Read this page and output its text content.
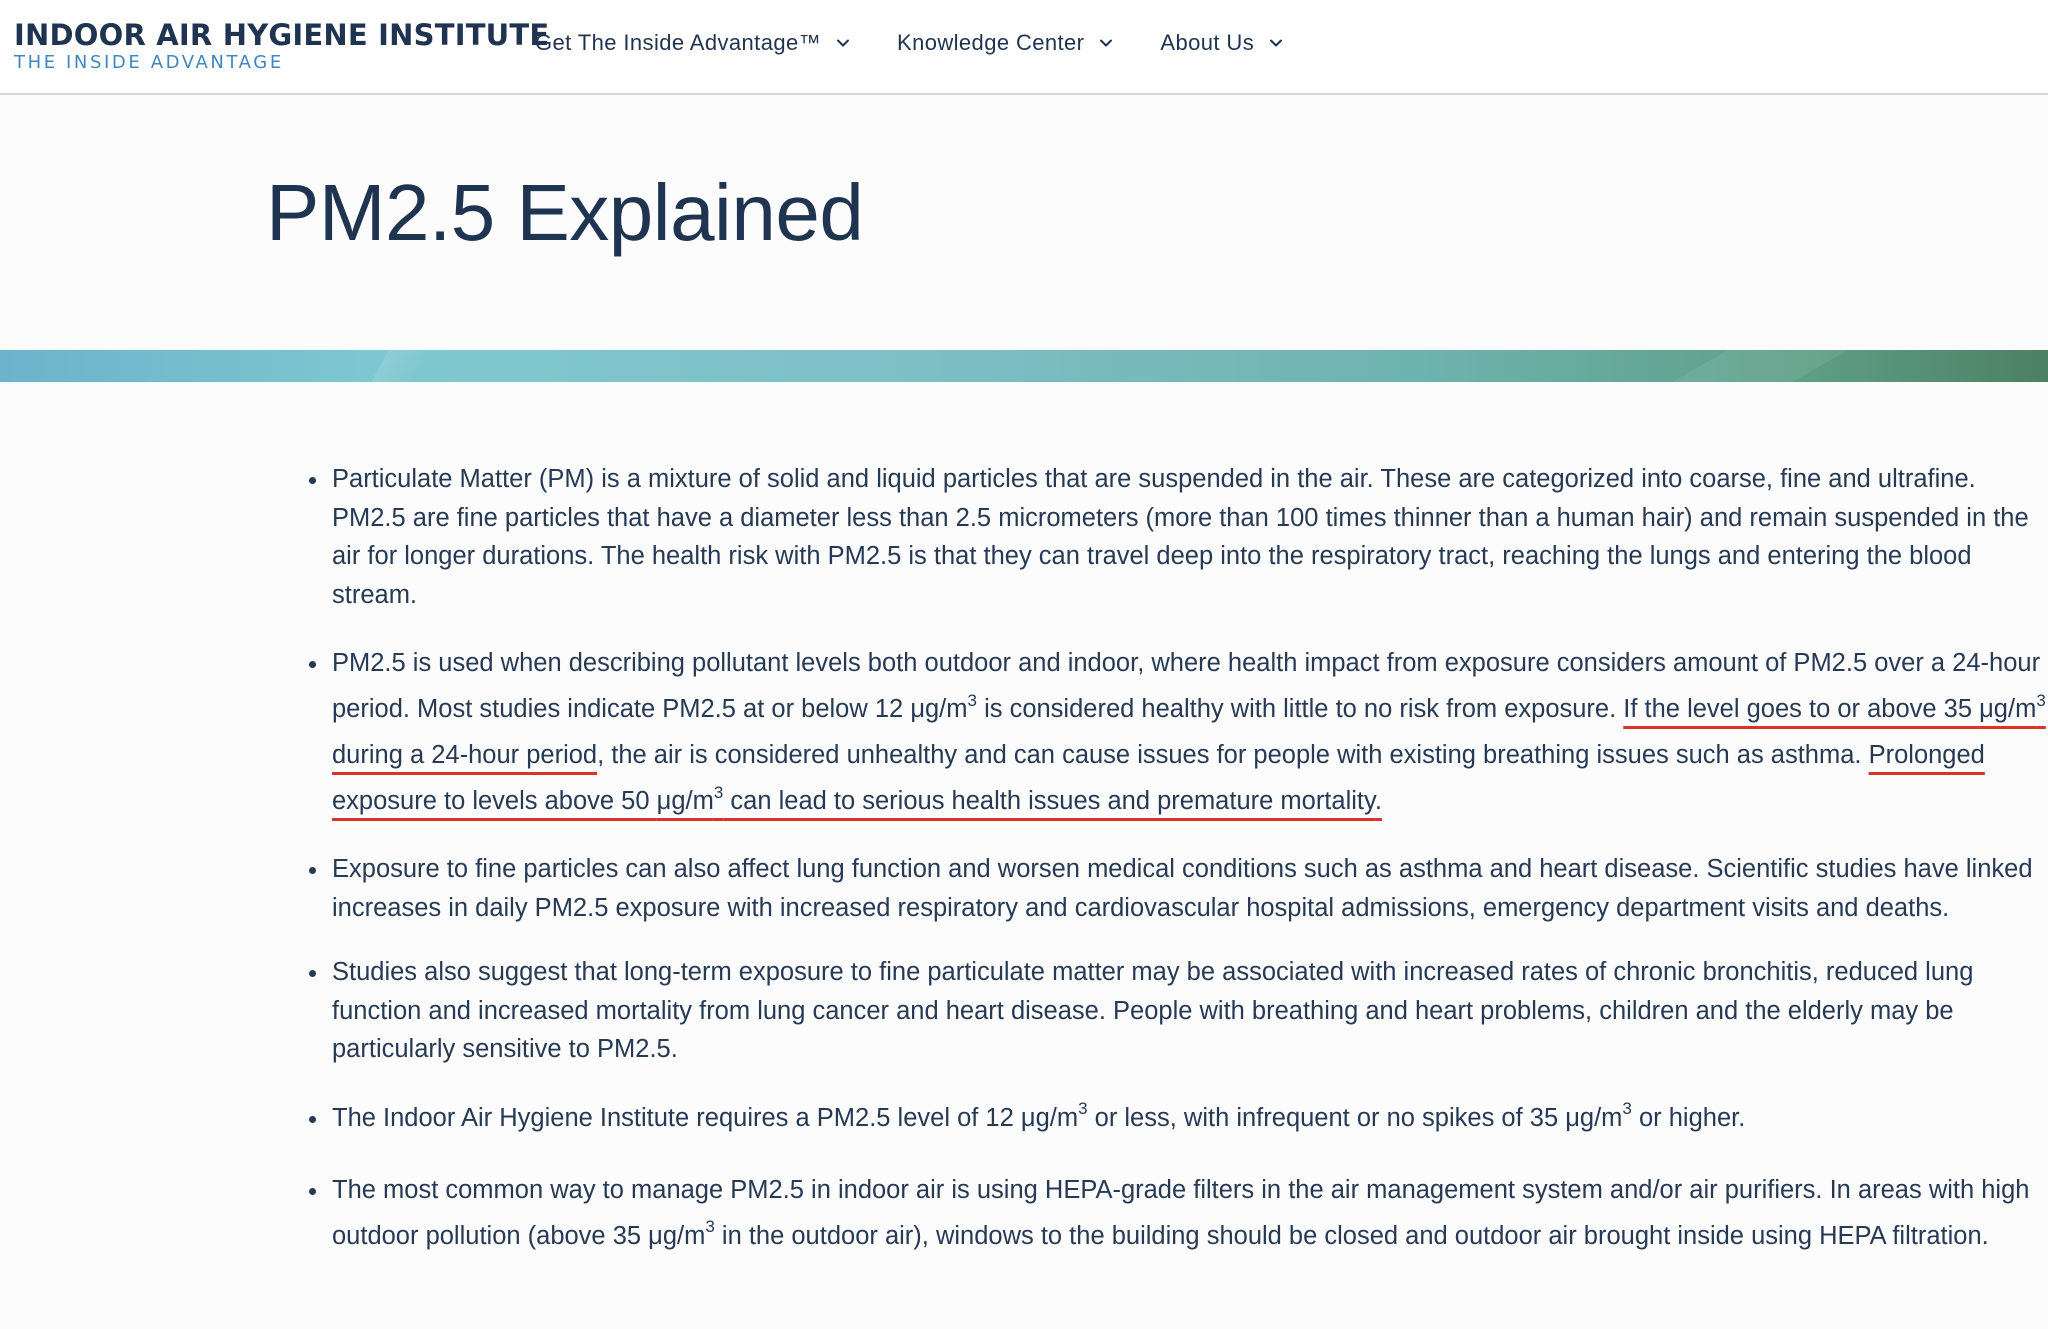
INDOOR AIR HYGIENE INSTITUTE
THE INSIDE ADVANTAGE
Get The Inside Advantage™	Knowledge Center	About Us
PM2.5 Explained
Particulate Matter (PM) is a mixture of solid and liquid particles that are suspended in the air. These are categorized into coarse, fine and ultrafine. PM2.5 are fine particles that have a diameter less than 2.5 micrometers (more than 100 times thinner than a human hair) and remain suspended in the air for longer durations. The health risk with PM2.5 is that they can travel deep into the respiratory tract, reaching the lungs and entering the blood stream.
PM2.5 is used when describing pollutant levels both outdoor and indoor, where health impact from exposure considers amount of PM2.5 over a 24-hour period. Most studies indicate PM2.5 at or below 12 $\mu g/m^3$ is considered healthy with little to no risk from exposure. If the level goes to or above 35 $\mu g/m^3$ during a 24-hour period, the air is considered unhealthy and can cause issues for people with existing breathing issues such as asthma. Prolonged exposure to levels above 50 $\mu g/m^3$ can lead to serious health issues and premature mortality.
Exposure to fine particles can also affect lung function and worsen medical conditions such as asthma and heart disease. Scientific studies have linked increases in daily PM2.5 exposure with increased respiratory and cardiovascular hospital admissions, emergency department visits and deaths.
Studies also suggest that long-term exposure to fine particulate matter may be associated with increased rates of chronic bronchitis, reduced lung function and increased mortality from lung cancer and heart disease. People with breathing and heart problems, children and the elderly may be particularly sensitive to PM2.5.
The Indoor Air Hygiene Institute requires a PM2.5 level of 12 $\mu g/m^3$ or less, with infrequent or no spikes of 35 $\mu g/m^3$ or higher.
The most common way to manage PM2.5 in indoor air is using HEPA-grade filters in the air management system and/or air purifiers. In areas with high outdoor pollution (above 35 $\mu g/m^3$ in the outdoor air), windows to the building should be closed and outdoor air brought inside using HEPA filtration.
